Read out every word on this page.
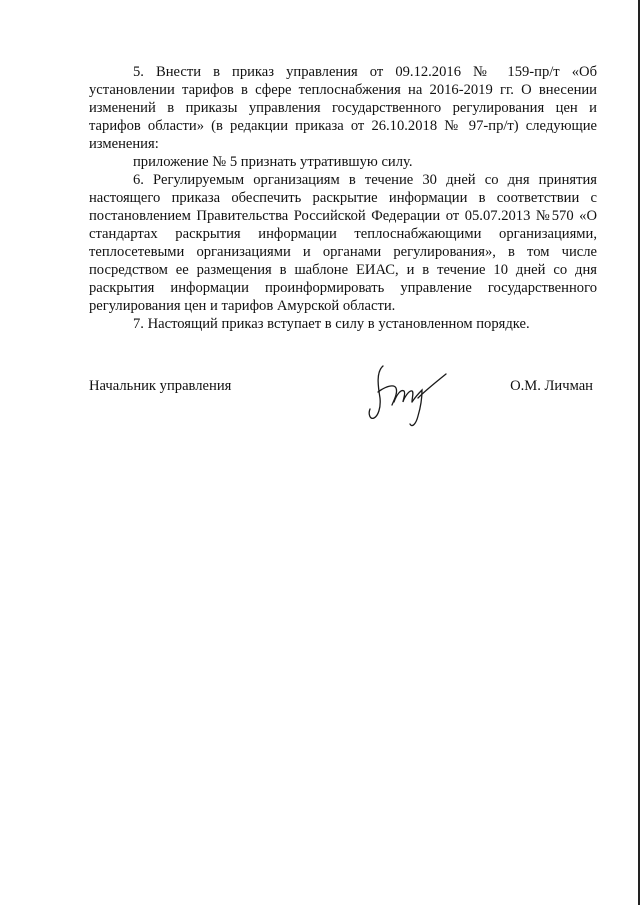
5. Внести в приказ управления от 09.12.2016 № 159-пр/т «Об установлении тарифов в сфере теплоснабжения на 2016-2019 гг. О внесении изменений в приказы управления государственного регулирования цен и тарифов области» (в редакции приказа от 26.10.2018 № 97-пр/т) следующие изменения:

приложение № 5 признать утратившую силу.

6. Регулируемым организациям в течение 30 дней со дня принятия настоящего приказа обеспечить раскрытие информации в соответствии с постановлением Правительства Российской Федерации от 05.07.2013 №570 «О стандартах раскрытия информации теплоснабжающими организациями, теплосетевыми организациями и органами регулирования», в том числе посредством ее размещения в шаблоне ЕИАС, и в течение 10 дней со дня раскрытия информации проинформировать управление государственного регулирования цен и тарифов Амурской области.

7. Настоящий приказ вступает в силу в установленном порядке.

Начальник управления	О.М. Личман
